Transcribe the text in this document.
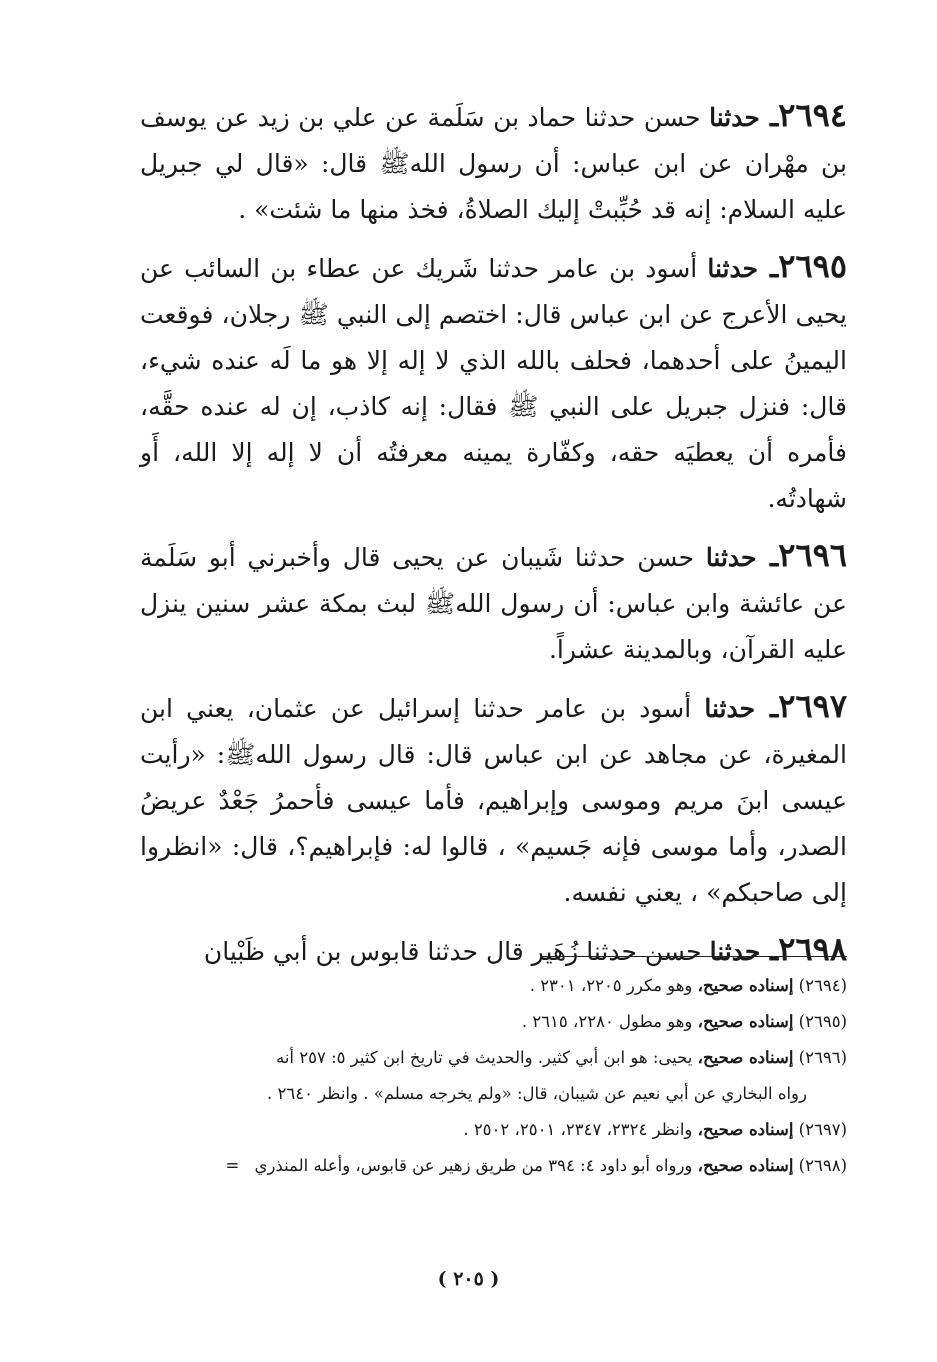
٢٦٩٤ـ حدثنا حسن حدثنا حماد بن سَلَمة عن علي بن زيد عن يوسف بن مهْران عن ابن عباس: أن رسول اللهﷺ قال: «قال لي جبريل عليه السلام: إنه قد حُبِّبتْ إليك الصلاةُ، فخذ منها ما شئت» .

٢٦٩٥ـ حدثنا أسود بن عامر حدثنا شَريك عن عطاء بن السائب عن يحيى الأعرج عن ابن عباس قال: اختصم إلى النبي ﷺ رجلان، فوقعت اليمينُ على أحدهما، فحلف بالله الذي لا إله إلا هو ما لَه عنده شيء، قال: فنزل جبريل على النبي ﷺ فقال: إنه كاذب، إن له عنده حقَّه، فأمره أن يعطيَه حقه، وكفّارة يمينه معرفتُه أن لا إله إلا الله، أَو شهادتُه.

٢٦٩٦ـ حدثنا حسن حدثنا شَيبان عن يحيى قال وأخبرني أبو سَلَمة عن عائشة وابن عباس: أن رسول اللهﷺ لبث بمكة عشر سنين ينزل عليه القرآن، وبالمدينة عشراً.

٢٦٩٧ـ حدثنا أسود بن عامر حدثنا إسرائيل عن عثمان، يعني ابن المغيرة، عن مجاهد عن ابن عباس قال: قال رسول اللهﷺ: «رأيت عيسى ابنَ مريم وموسى وإبراهيم، فأما عيسى فأحمرُ جَعْدٌ عريضُ الصدر، وأما موسى فإنه جَسيم» ، قالوا له: فإبراهيم؟، قال: «انظروا إلى صاحبكم» ، يعني نفسه.

٢٦٩٨ـ حدثنا حسن حدثنا زُهَير قال حدثنا قابوس بن أبي ظَبْيان

(٢٦٩٤) إسناده صحيح، وهو مكرر ٢٢٠٥، ٢٣٠١ .

(٢٦٩٥) إسناده صحيح، وهو مطول ٢٢٨٠، ٢٦١٥ .

(٢٦٩٦) إسناده صحيح، يحيى: هو ابن أبي كثير. والحديث في تاريخ ابن كثير ٥: ٢٥٧ أنه

رواه البخاري عن أبي نعيم عن شيبان، قال: «ولم يخرجه مسلم» . وانظر ٢٦٤٠ .

(٢٦٩٧) إسناده صحيح، وانظر ٢٣٢٤، ٢٣٤٧، ٢٥٠١، ٢٥٠٢ .

(٢٦٩٨) إسناده صحيح، ورواه أبو داود ٤: ٣٩٤ من طريق زهير عن قابوس، وأعله المنذري =

( ٢٠٥ )
